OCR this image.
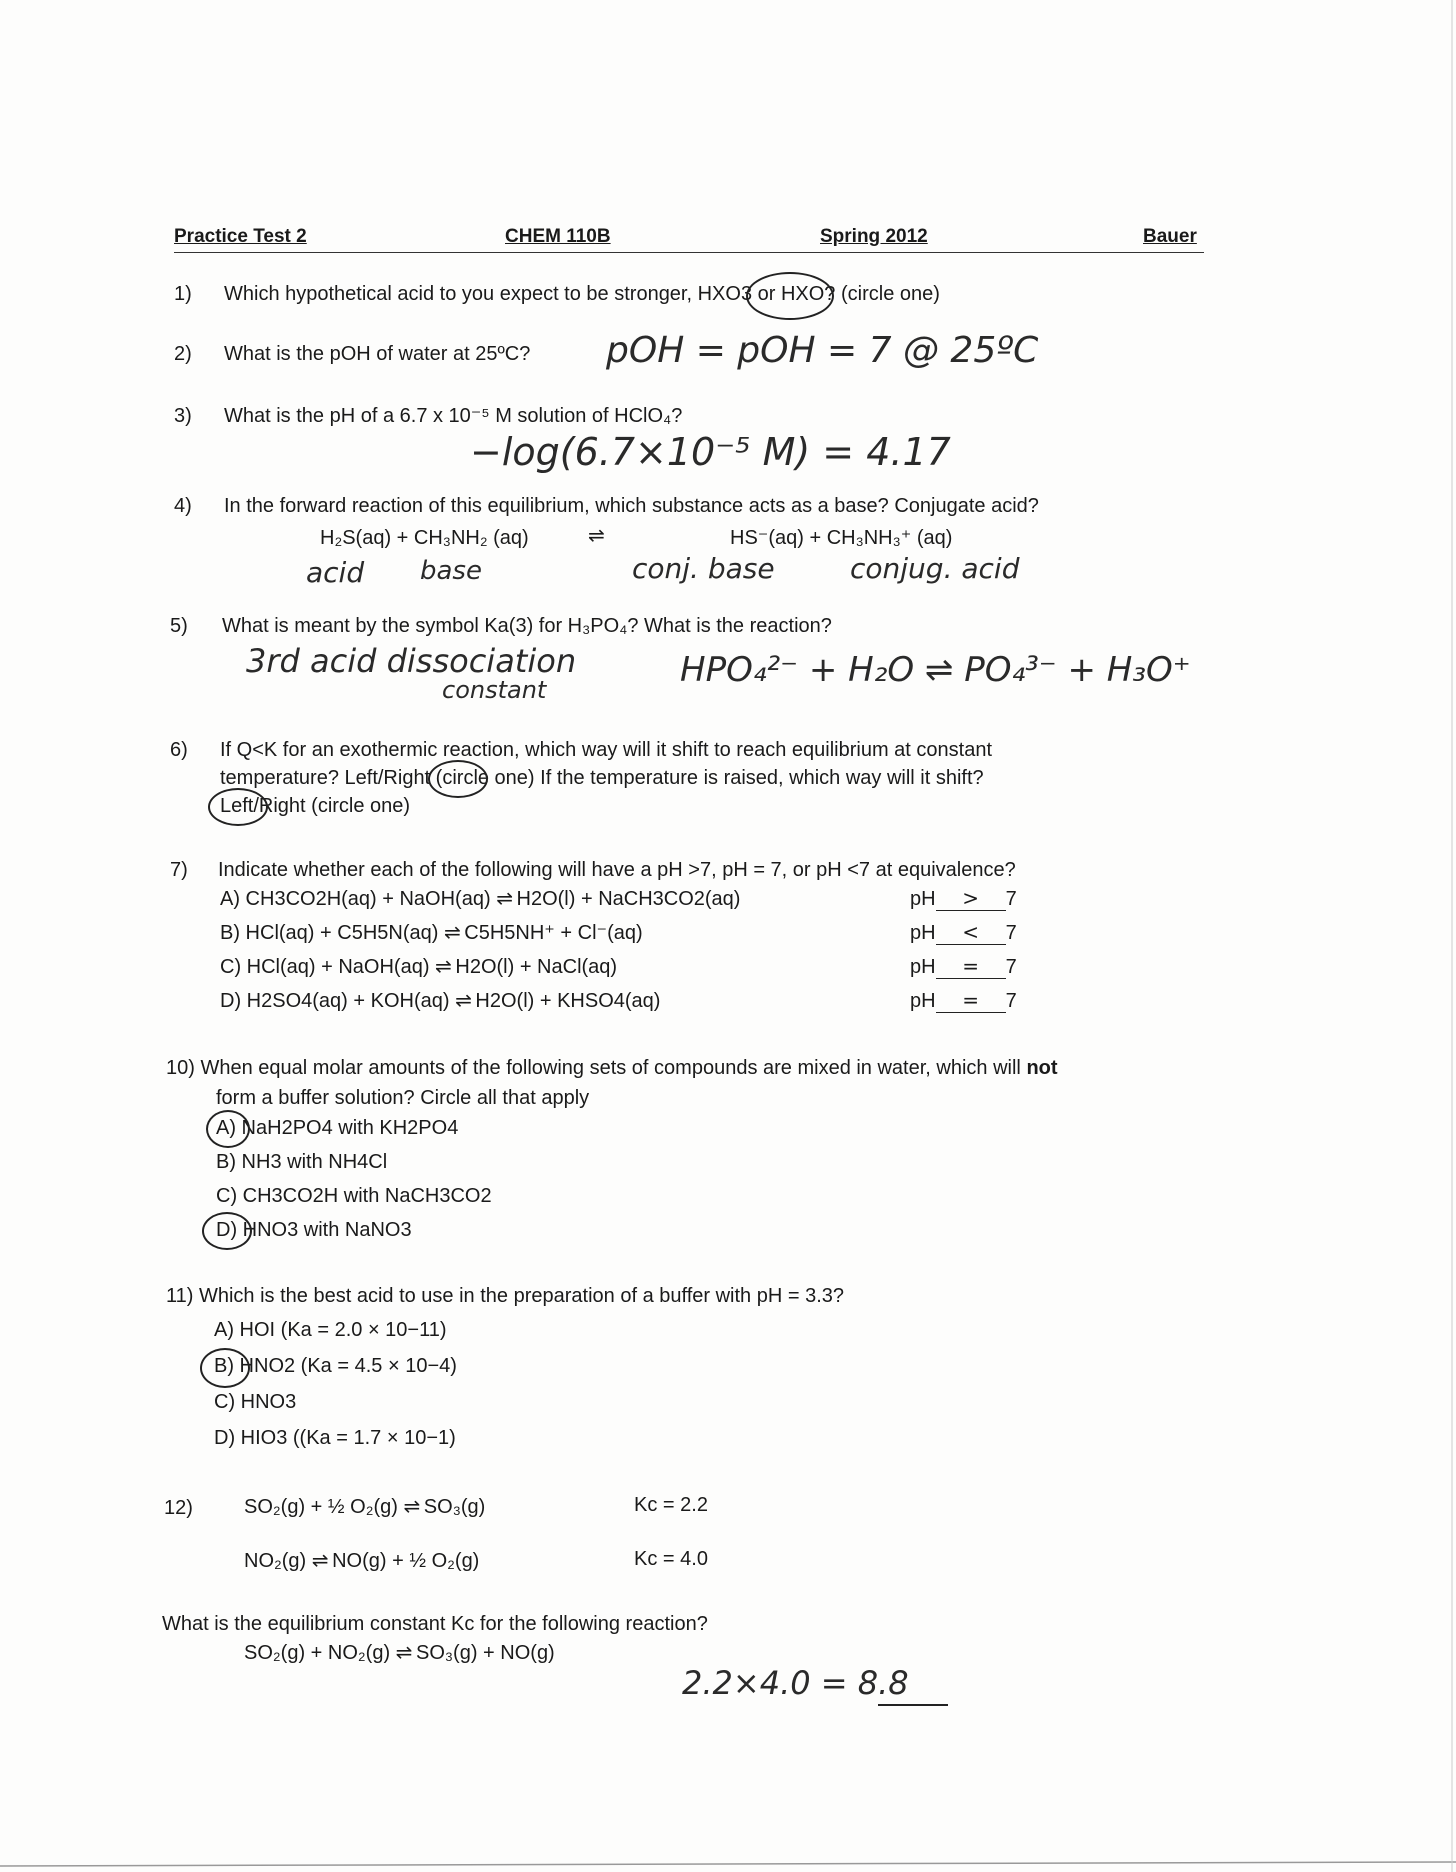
Practice Test 2	CHEM 110B	Spring 2012	Bauer
1) Which hypothetical acid to you expect to be stronger, HXO3 or HXO? (circle one)
2) What is the pOH of water at 25ºC? pOH = pOH = 7 @ 25ºC
3) What is the pH of a 6.7 x 10⁻⁵ M solution of HClO₄?
−log(6.7×10⁻⁵ M) = 4.17
4) In the forward reaction of this equilibrium, which substance acts as a base? Conjugate acid?
H₂S(aq) + CH₃NH₂ (aq)	⇌	HS⁻(aq) + CH₃NH₃⁺ (aq)
acid base	conj. base	conjug. acid
5) What is meant by the symbol Ka(3) for H₃PO₄? What is the reaction?
3rd acid dissociation
constant	HPO₄²⁻ + H₂O ⇌ PO₄³⁻ + H₃O⁺
6) If Q<K for an exothermic reaction, which way will it shift to reach equilibrium at constant
temperature? Left/Right (circle one) If the temperature is raised, which way will it shift?
Left/Right (circle one)
7) Indicate whether each of the following will have a pH >7, pH = 7, or pH <7 at equivalence?
A) CH3CO2H(aq) + NaOH(aq) ⇌ H2O(l) + NaCH3CO2(aq)	pH > 7
B) HCl(aq) + C5H5N(aq) ⇌ C5H5NH⁺ + Cl⁻(aq)	pH < 7
C) HCl(aq) + NaOH(aq) ⇌ H2O(l) + NaCl(aq)	pH = 7
D) H2SO4(aq) + KOH(aq) ⇌ H2O(l) + KHSO4(aq)	pH = 7
10) When equal molar amounts of the following sets of compounds are mixed in water, which will not
form a buffer solution? Circle all that apply
A) NaH2PO4 with KH2PO4
B) NH3 with NH4Cl
C) CH3CO2H with NaCH3CO2
D) HNO3 with NaNO3
11) Which is the best acid to use in the preparation of a buffer with pH = 3.3?
A) HOI (Ka = 2.0 × 10−11)
B) HNO2 (Ka = 4.5 × 10−4)
C) HNO3
D) HIO3 ((Ka = 1.7 × 10−1)
12)	SO₂(g) + ½ O₂(g) ⇌ SO₃(g)	Kc = 2.2
NO₂(g) ⇌ NO(g) + ½ O₂(g)	Kc = 4.0
What is the equilibrium constant Kc for the following reaction?
SO₂(g) + NO₂(g) ⇌ SO₃(g) + NO(g)
2.2×4.0 = 8.8
